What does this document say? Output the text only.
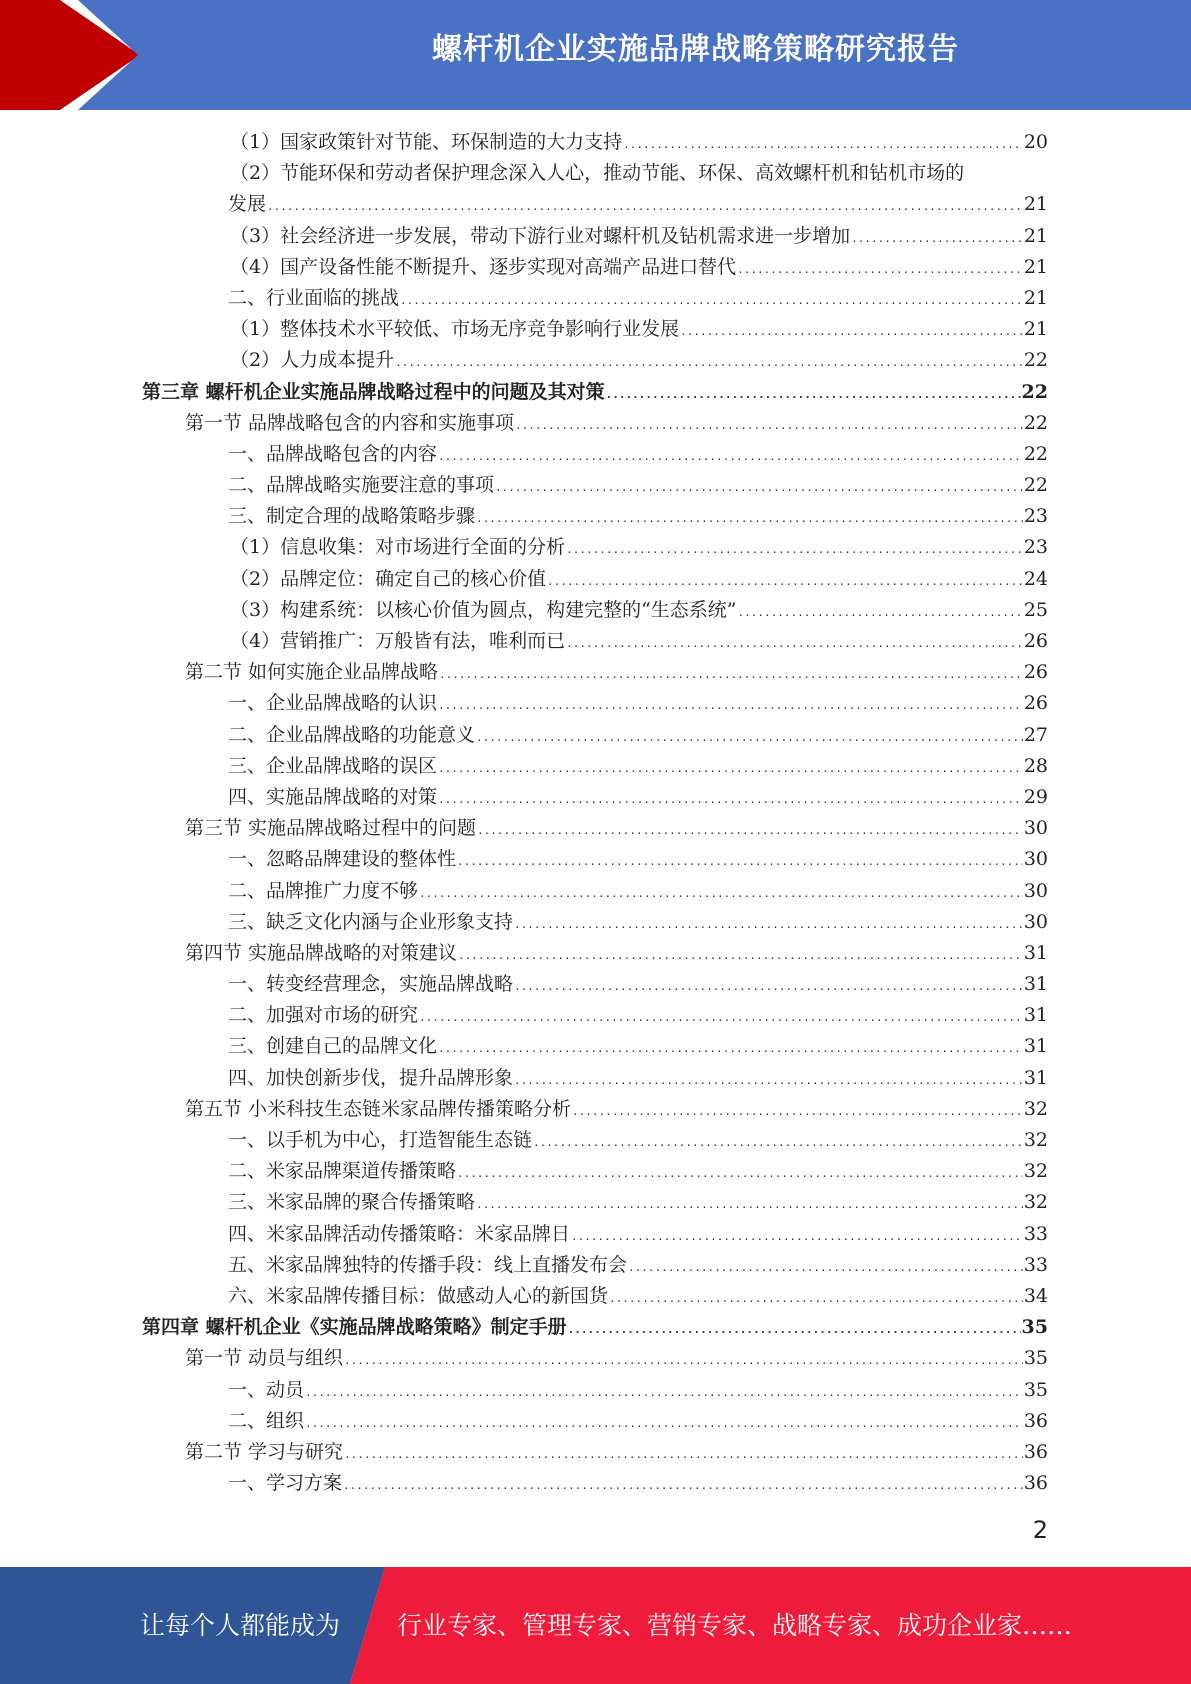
螺杆机企业实施品牌战略策略研究报告
（1）国家政策针对节能、环保制造的大力支持 .....	20
（2）节能环保和劳动者保护理念深入人心，推动节能、环保、高效螺杆机和钻机市场的
发展 .....	21
（3）社会经济进一步发展，带动下游行业对螺杆机及钻机需求进一步增加 .....	21
（4）国产设备性能不断提升、逐步实现对高端产品进口替代 .....	21
二、行业面临的挑战 .....	21
（1）整体技术水平较低、市场无序竞争影响行业发展 .....	21
（2）人力成本提升 .....	22
第三章 螺杆机企业实施品牌战略过程中的问题及其对策 .....	22
第一节 品牌战略包含的内容和实施事项 .....	22
一、品牌战略包含的内容 .....	22
二、品牌战略实施要注意的事项 .....	22
三、制定合理的战略策略步骤 .....	23
（1）信息收集：对市场进行全面的分析 .....	23
（2）品牌定位：确定自己的核心价值 .....	24
（3）构建系统：以核心价值为圆点，构建完整的“生态系统” .....	25
（4）营销推广：万般皆有法，唯利而已 .....	26
第二节 如何实施企业品牌战略 .....	26
一、企业品牌战略的认识 .....	26
二、企业品牌战略的功能意义 .....	27
三、企业品牌战略的误区 .....	28
四、实施品牌战略的对策 .....	29
第三节 实施品牌战略过程中的问题 .....	30
一、忽略品牌建设的整体性 .....	30
二、品牌推广力度不够 .....	30
三、缺乏文化内涵与企业形象支持 .....	30
第四节 实施品牌战略的对策建议 .....	31
一、转变经营理念，实施品牌战略 .....	31
二、加强对市场的研究 .....	31
三、创建自己的品牌文化 .....	31
四、加快创新步伐，提升品牌形象 .....	31
第五节 小米科技生态链米家品牌传播策略分析 .....	32
一、以手机为中心，打造智能生态链 .....	32
二、米家品牌渠道传播策略 .....	32
三、米家品牌的聚合传播策略 .....	32
四、米家品牌活动传播策略：米家品牌日 .....	33
五、米家品牌独特的传播手段：线上直播发布会 .....	33
六、米家品牌传播目标：做感动人心的新国货 .....	34
第四章 螺杆机企业《实施品牌战略策略》制定手册 .....	35
第一节 动员与组织 .....	35
一、动员 .....	35
二、组织 .....	36
第二节 学习与研究 .....	36
一、学习方案 .....	36
2
让每个人都能成为 行业专家、管理专家、营销专家、战略专家、成功企业家……
